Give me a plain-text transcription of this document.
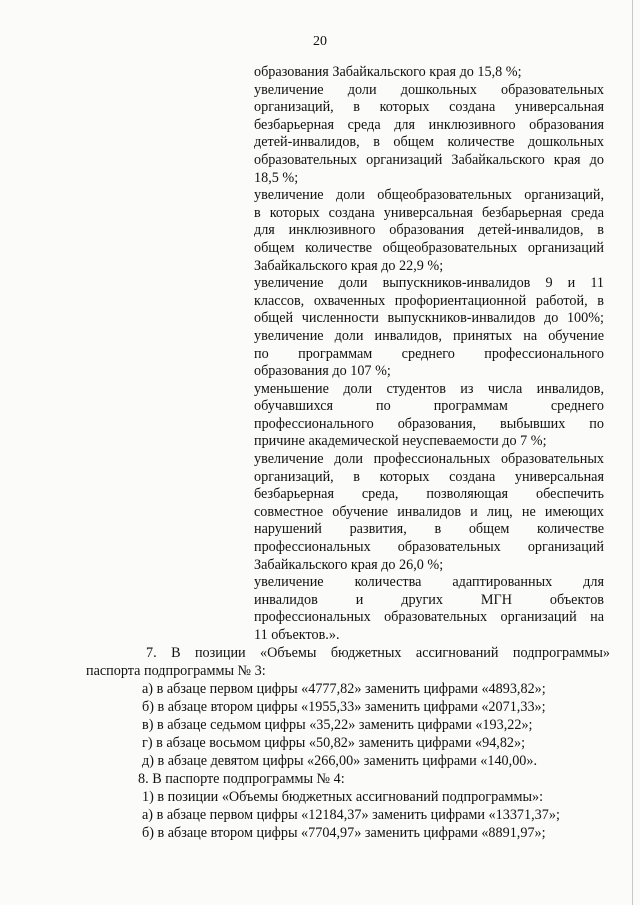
20
образования Забайкальского края до 15,8 %;
увеличение доли дошкольных образовательных
организаций, в которых создана универсальная
безбарьерная среда для инклюзивного образования
детей-инвалидов, в общем количестве дошкольных
образовательных организаций Забайкальского края до
18,5 %;
увеличение доли общеобразовательных организаций,
в которых создана универсальная безбарьерная среда
для инклюзивного образования детей-инвалидов, в
общем количестве общеобразовательных организаций
Забайкальского края до 22,9 %;
увеличение доли выпускников-инвалидов 9 и 11
классов, охваченных профориентационной работой, в
общей численности выпускников-инвалидов до 100%;
увеличение доли инвалидов, принятых на обучение
по программам среднего профессионального
образования до 107 %;
уменьшение доли студентов из числа инвалидов,
обучавшихся по программам среднего
профессионального образования, выбывших по
причине академической неуспеваемости до 7 %;
увеличение доли профессиональных образовательных
организаций, в которых создана универсальная
безбарьерная среда, позволяющая обеспечить
совместное обучение инвалидов и лиц, не имеющих
нарушений развития, в общем количестве
профессиональных образовательных организаций
Забайкальского края до 26,0 %;
увеличение количества адаптированных для
инвалидов и других МГН объектов
профессиональных образовательных организаций на
11 объектов.».
7. В позиции «Объемы бюджетных ассигнований подпрограммы»
паспорта подпрограммы № 3:
а) в абзаце первом цифры «4777,82» заменить цифрами «4893,82»;
б) в абзаце втором цифры «1955,33» заменить цифрами «2071,33»;
в) в абзаце седьмом цифры «35,22» заменить цифрами «193,22»;
г) в абзаце восьмом цифры «50,82» заменить цифрами «94,82»;
д) в абзаце девятом цифры «266,00» заменить цифрами «140,00».
8. В паспорте подпрограммы № 4:
1) в позиции «Объемы бюджетных ассигнований подпрограммы»:
а) в абзаце первом цифры «12184,37» заменить цифрами «13371,37»;
б) в абзаце втором цифры «7704,97» заменить цифрами «8891,97»;
